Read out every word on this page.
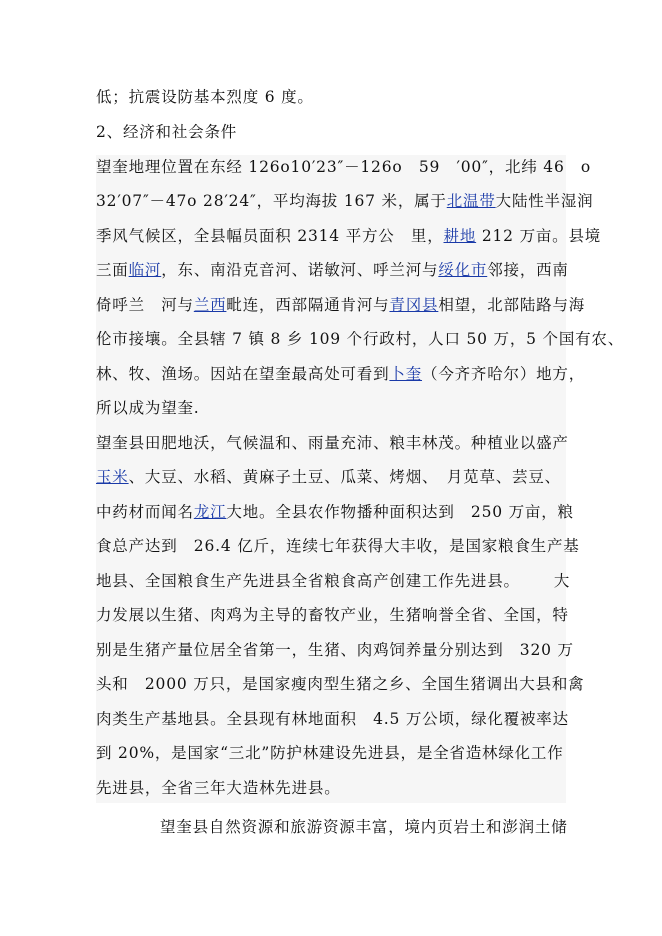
低；抗震设防基本烈度 6 度。
2、经济和社会条件
望奎地理位置在东经 126o10′23″－126o　59　′00″，北纬 46　o
32′07″－47o 28′24″，平均海拔 167 米，属于北温带大陆性半湿润
季风气候区，全县幅员面积 2314 平方公　里，耕地 212 万亩。县境
三面临河，东、南沿克音河、诺敏河、呼兰河与绥化市邻接，西南
倚呼兰　河与兰西毗连，西部隔通肯河与青冈县相望，北部陆路与海
伦市接壤。全县辖 7 镇 8 乡 109 个行政村，人口 50 万，5 个国有农、
林、牧、渔场。因站在望奎最高处可看到卜奎（今齐齐哈尔）地方，
所以成为望奎.
望奎县田肥地沃，气候温和、雨量充沛、粮丰林茂。种植业以盛产
玉米、大豆、水稻、黄麻子土豆、瓜菜、烤烟、　月苋草、芸豆、
中药材而闻名龙江大地。全县农作物播种面积达到　250 万亩，粮
食总产达到　26.4 亿斤，连续七年获得大丰收，是国家粮食生产基
地县、全国粮食生产先进县全省粮食高产创建工作先进县。 大
力发展以生猪、肉鸡为主导的畜牧产业，生猪响誉全省、全国，特
别是生猪产量位居全省第一，生猪、肉鸡饲养量分别达到　320 万
头和　2000 万只，是国家瘦肉型生猪之乡、全国生猪调出大县和禽
肉类生产基地县。全县现有林地面积　4.5 万公顷，绿化覆被率达
到 20%，是国家“三北”防护林建设先进县，是全省造林绿化工作
先进县，全省三年大造林先进县。
望奎县自然资源和旅游资源丰富，境内页岩土和澎润土储
